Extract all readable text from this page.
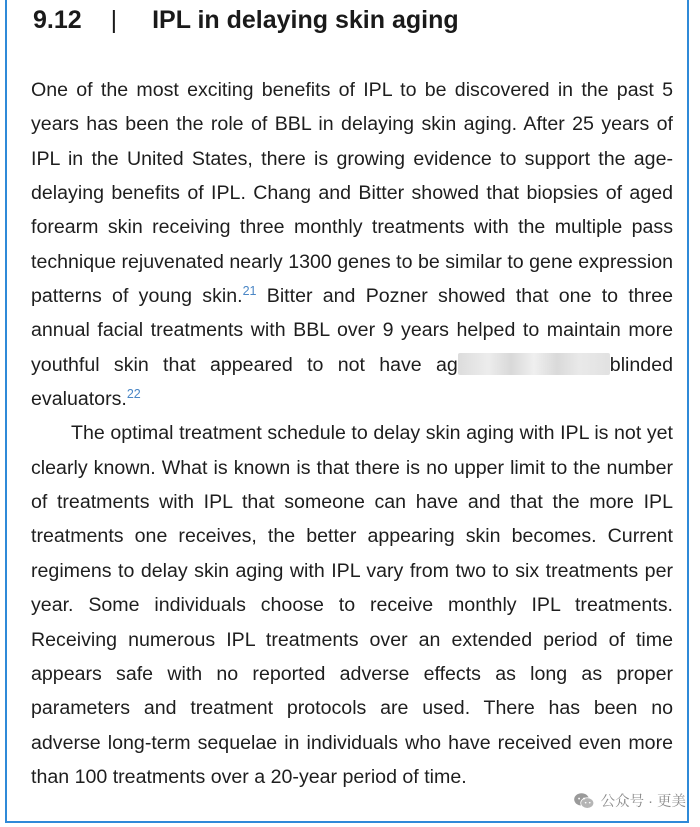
9.12 | IPL in delaying skin aging

One of the most exciting benefits of IPL to be discovered in the past 5 years has been the role of BBL in delaying skin aging. After 25 years of IPL in the United States, there is growing evidence to support the age-delaying benefits of IPL. Chang and Bitter showed that biopsies of aged forearm skin receiving three monthly treatments with the multiple pass technique rejuvenated nearly 1300 genes to be similar to gene expression patterns of young skin.$^{21}$ Bitter and Pozner showed that one to three annual facial treatments with BBL over 9 years helped to maintain more youthful skin that appeared to not have ag	blinded evaluators.$^{22}$

The optimal treatment schedule to delay skin aging with IPL is not yet clearly known. What is known is that there is no upper limit to the number of treatments with IPL that someone can have and that the more IPL treatments one receives, the better appearing skin becomes. Current regimens to delay skin aging with IPL vary from two to six treatments per year. Some individuals choose to receive monthly IPL treatments. Receiving numerous IPL treatments over an extended period of time appears safe with no reported adverse effects as long as proper parameters and treatment protocols are used. There has been no adverse long-term sequelae in individuals who have received even more than 100 treatments over a 20-year period of time.

公众号 · 更美
